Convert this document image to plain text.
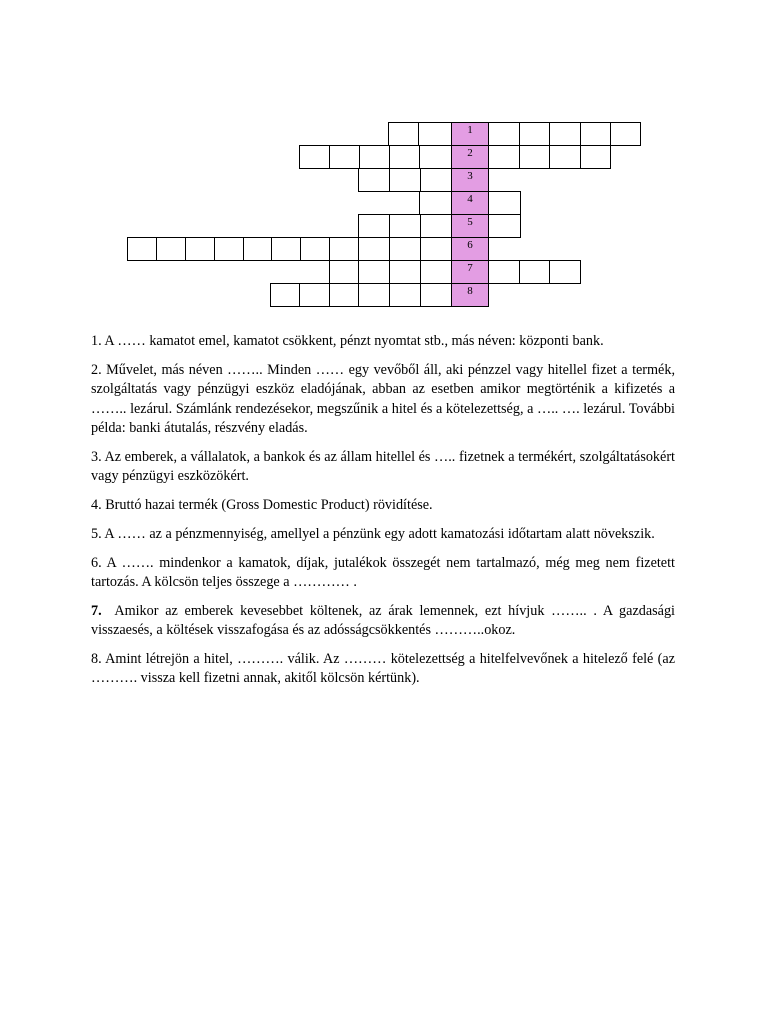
1
2
3
4
5
6
7
8

1. A …… kamatot emel, kamatot csökkent, pénzt nyomtat stb., más néven: központi bank.

2. Művelet, más néven …….. Minden …… egy vevőből áll, aki pénzzel vagy hitellel fizet a termék, szolgáltatás vagy pénzügyi eszköz eladójának, abban az esetben amikor megtörténik a kifizetés a …….. lezárul. Számlánk rendezésekor, megszűnik a hitel és a kötelezettség, a ….. …. lezárul. További példa: banki átutalás, részvény eladás.

3. Az emberek, a vállalatok, a bankok és az állam hitellel és ….. fizetnek a termékért, szolgáltatásokért vagy pénzügyi eszközökért.

4. Bruttó hazai termék (Gross Domestic Product) rövidítése.

5. A …… az a pénzmennyiség, amellyel a pénzünk egy adott kamatozási időtartam alatt növekszik.

6. A ……. mindenkor a kamatok, díjak, jutalékok összegét nem tartalmazó, még meg nem fizetett tartozás. A kölcsön teljes összege a ………… .

7. Amikor az emberek kevesebbet költenek, az árak lemennek, ezt hívjuk …….. . A gazdasági visszaesés, a költések visszafogása és az adósságcsökkentés ………..okoz.

8. Amint létrejön a hitel, ………. válik. Az ……… kötelezettség a hitelfelvevőnek a hitelező felé (az ………. vissza kell fizetni annak, akitől kölcsön kértünk).
